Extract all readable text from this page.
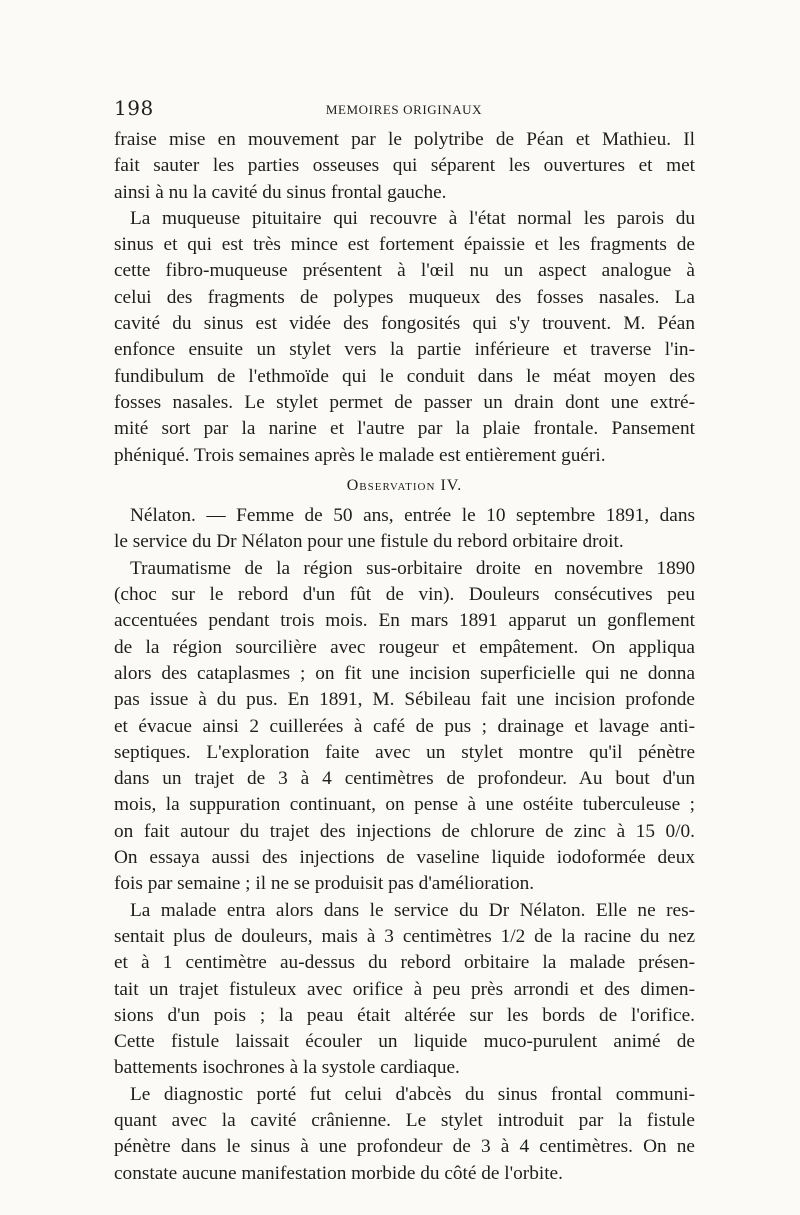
198	MEMOIRES ORIGINAUX
fraise mise en mouvement par le polytribe de Péan et Mathieu. Il
fait sauter les parties osseuses qui séparent les ouvertures et met
ainsi à nu la cavité du sinus frontal gauche.
La muqueuse pituitaire qui recouvre à l'état normal les parois du
sinus et qui est très mince est fortement épaissie et les fragments de
cette fibro-muqueuse présentent à l'œil nu un aspect analogue à
celui des fragments de polypes muqueux des fosses nasales. La
cavité du sinus est vidée des fongosités qui s'y trouvent. M. Péan
enfonce ensuite un stylet vers la partie inférieure et traverse l'in-
fundibulum de l'ethmoïde qui le conduit dans le méat moyen des
fosses nasales. Le stylet permet de passer un drain dont une extré-
mité sort par la narine et l'autre par la plaie frontale. Pansement
phéniqué. Trois semaines après le malade est entièrement guéri.
Observation IV.
Nélaton. — Femme de 50 ans, entrée le 10 septembre 1891, dans
le service du Dr Nélaton pour une fistule du rebord orbitaire droit.
Traumatisme de la région sus-orbitaire droite en novembre 1890
(choc sur le rebord d'un fût de vin). Douleurs consécutives peu
accentuées pendant trois mois. En mars 1891 apparut un gonflement
de la région sourcilière avec rougeur et empâtement. On appliqua
alors des cataplasmes ; on fit une incision superficielle qui ne donna
pas issue à du pus. En 1891, M. Sébileau fait une incision profonde
et évacue ainsi 2 cuillerées à café de pus ; drainage et lavage anti-
septiques. L'exploration faite avec un stylet montre qu'il pénètre
dans un trajet de 3 à 4 centimètres de profondeur. Au bout d'un
mois, la suppuration continuant, on pense à une ostéite tuberculeuse ;
on fait autour du trajet des injections de chlorure de zinc à 15 0/0.
On essaya aussi des injections de vaseline liquide iodoformée deux
fois par semaine ; il ne se produisit pas d'amélioration.
La malade entra alors dans le service du Dr Nélaton. Elle ne res-
sentait plus de douleurs, mais à 3 centimètres 1/2 de la racine du nez
et à 1 centimètre au-dessus du rebord orbitaire la malade présen-
tait un trajet fistuleux avec orifice à peu près arrondi et des dimen-
sions d'un pois ; la peau était altérée sur les bords de l'orifice.
Cette fistule laissait écouler un liquide muco-purulent animé de
battements isochrones à la systole cardiaque.
Le diagnostic porté fut celui d'abcès du sinus frontal communi-
quant avec la cavité crânienne. Le stylet introduit par la fistule
pénètre dans le sinus à une profondeur de 3 à 4 centimètres. On ne
constate aucune manifestation morbide du côté de l'orbite.
